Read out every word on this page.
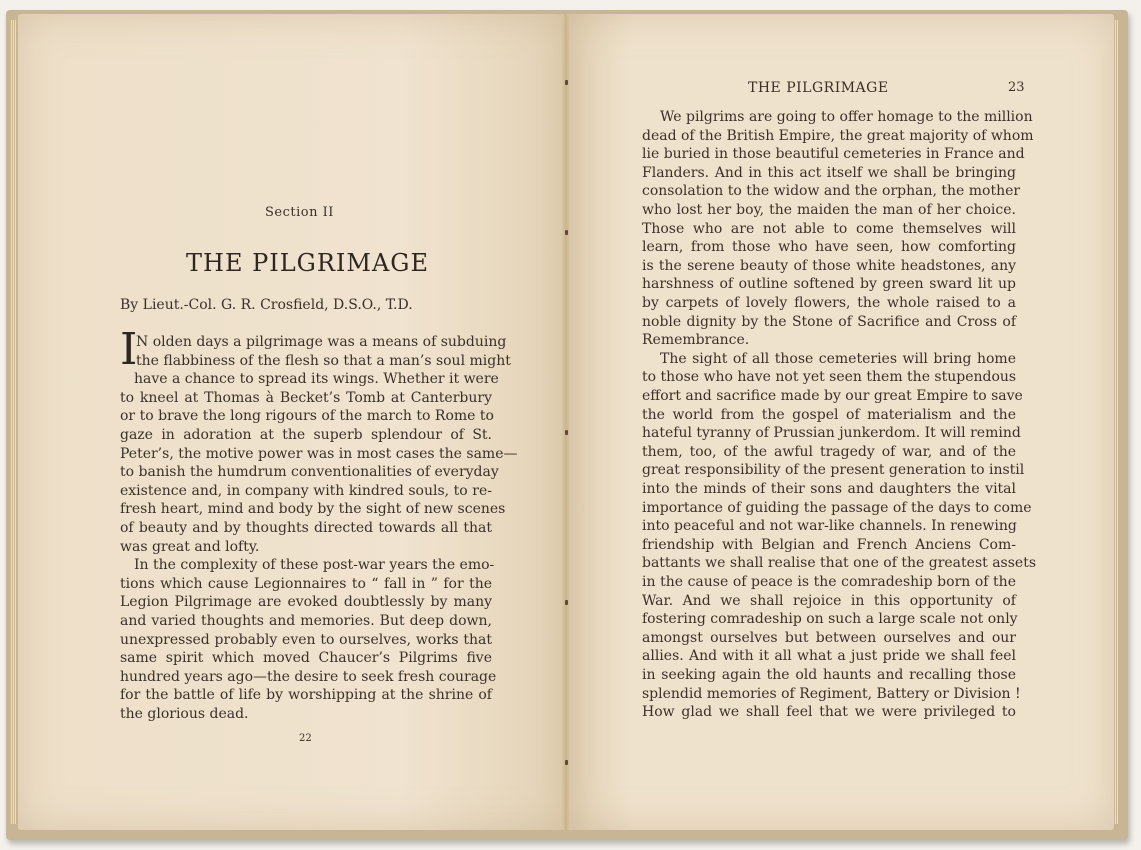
Section II
THE PILGRIMAGE
By Lieut.-Col. G. R. Crosfield, D.S.O., T.D.
I
N olden days a pilgrimage was a means of subduing
the flabbiness of the flesh so that a man’s soul might
have a chance to spread its wings. Whether it were
to kneel at Thomas à Becket’s Tomb at Canterbury
or to brave the long rigours of the march to Rome to
gaze in adoration at the superb splendour of St.
Peter’s, the motive power was in most cases the same—
to banish the humdrum conventionalities of everyday
existence and, in company with kindred souls, to re-
fresh heart, mind and body by the sight of new scenes
of beauty and by thoughts directed towards all that
was great and lofty.
In the complexity of these post-war years the emo-
tions which cause Legionnaires to “ fall in ” for the
Legion Pilgrimage are evoked doubtlessly by many
and varied thoughts and memories. But deep down,
unexpressed probably even to ourselves, works that
same spirit which moved Chaucer’s Pilgrims five
hundred years ago—the desire to seek fresh courage
for the battle of life by worshipping at the shrine of
the glorious dead.
22
THE PILGRIMAGE	23
We pilgrims are going to offer homage to the million
dead of the British Empire, the great majority of whom
lie buried in those beautiful cemeteries in France and
Flanders. And in this act itself we shall be bringing
consolation to the widow and the orphan, the mother
who lost her boy, the maiden the man of her choice.
Those who are not able to come themselves will
learn, from those who have seen, how comforting
is the serene beauty of those white headstones, any
harshness of outline softened by green sward lit up
by carpets of lovely flowers, the whole raised to a
noble dignity by the Stone of Sacrifice and Cross of
Remembrance.
The sight of all those cemeteries will bring home
to those who have not yet seen them the stupendous
effort and sacrifice made by our great Empire to save
the world from the gospel of materialism and the
hateful tyranny of Prussian junkerdom. It will remind
them, too, of the awful tragedy of war, and of the
great responsibility of the present generation to instil
into the minds of their sons and daughters the vital
importance of guiding the passage of the days to come
into peaceful and not war-like channels. In renewing
friendship with Belgian and French Anciens Com-
battants we shall realise that one of the greatest assets
in the cause of peace is the comradeship born of the
War. And we shall rejoice in this opportunity of
fostering comradeship on such a large scale not only
amongst ourselves but between ourselves and our
allies. And with it all what a just pride we shall feel
in seeking again the old haunts and recalling those
splendid memories of Regiment, Battery or Division !
How glad we shall feel that we were privileged to
